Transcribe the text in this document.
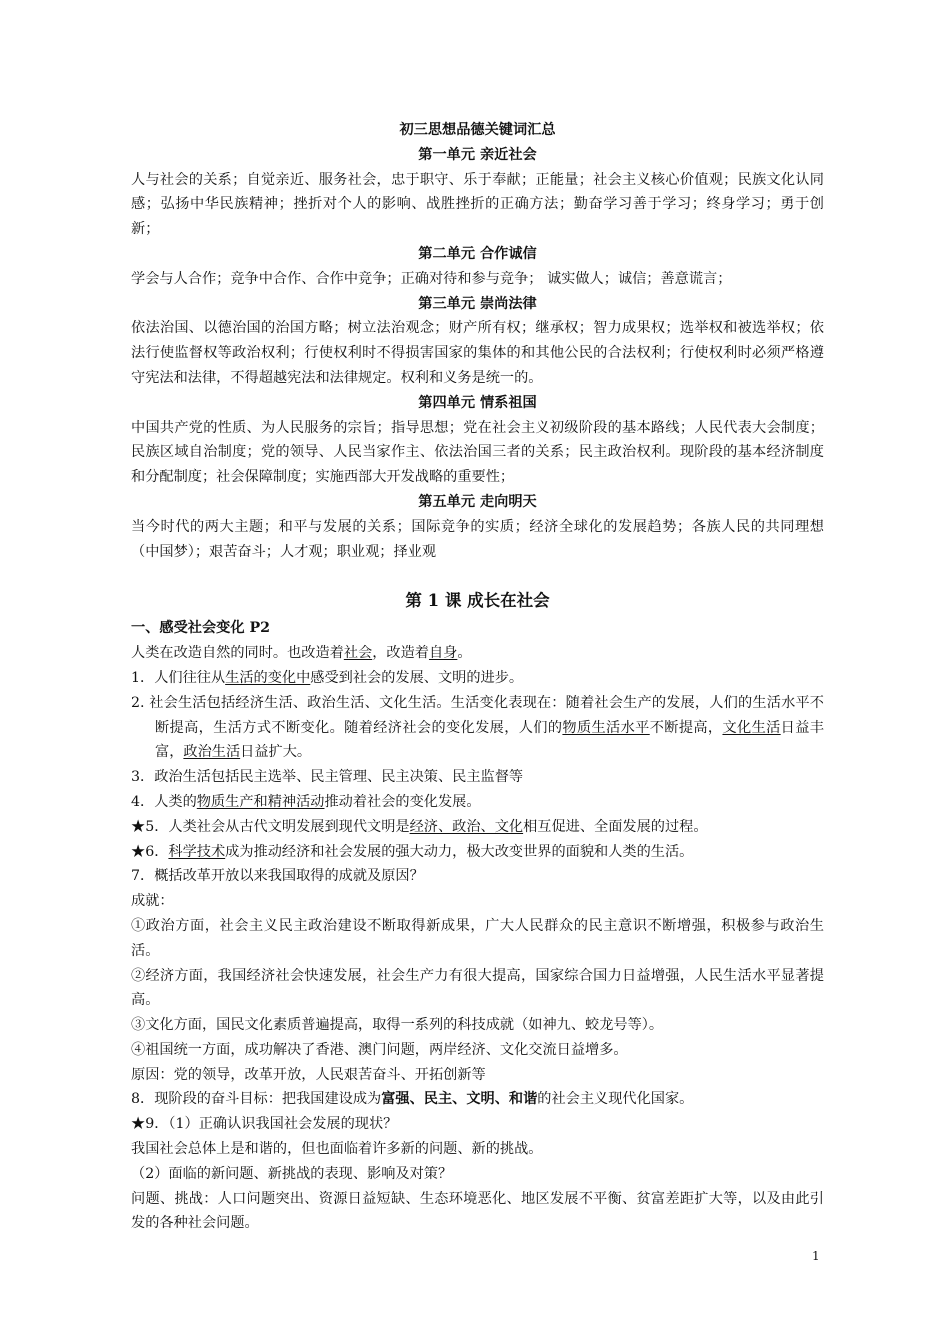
初三思想品德关键词汇总
第一单元 亲近社会
人与社会的关系；自觉亲近、服务社会，忠于职守、乐于奉献；正能量；社会主义核心价值观；民族文化认同感；弘扬中华民族精神；挫折对个人的影响、战胜挫折的正确方法；勤奋学习善于学习；终身学习；勇于创新；
第二单元 合作诚信
学会与人合作；竞争中合作、合作中竞争；正确对待和参与竞争； 诚实做人；诚信；善意谎言；
第三单元 崇尚法律
依法治国、以德治国的治国方略；树立法治观念；财产所有权；继承权；智力成果权；选举权和被选举权；依法行使监督权等政治权利；行使权利时不得损害国家的集体的和其他公民的合法权利；行使权利时必须严格遵守宪法和法律，不得超越宪法和法律规定。权利和义务是统一的。
第四单元 情系祖国
中国共产党的性质、为人民服务的宗旨；指导思想；党在社会主义初级阶段的基本路线；人民代表大会制度；民族区域自治制度；党的领导、人民当家作主、依法治国三者的关系；民主政治权利。现阶段的基本经济制度和分配制度；社会保障制度；实施西部大开发战略的重要性；
第五单元 走向明天
当今时代的两大主题；和平与发展的关系；国际竞争的实质；经济全球化的发展趋势；各族人民的共同理想（中国梦）；艰苦奋斗；人才观；职业观；择业观
第 1 课 成长在社会
一、感受社会变化 P2
人类在改造自然的同时。也改造着社会，改造着自身。
1．人们往往从生活的变化中感受到社会的发展、文明的进步。
2. 社会生活包括经济生活、政治生活、文化生活。生活变化表现在：随着社会生产的发展，人们的生活水平不断提高，生活方式不断变化。随着经济社会的变化发展，人们的物质生活水平不断提高，文化生活日益丰富，政治生活日益扩大。
3．政治生活包括民主选举、民主管理、民主决策、民主监督等
4．人类的物质生产和精神活动推动着社会的变化发展。
★5．人类社会从古代文明发展到现代文明是经济、政治、文化相互促进、全面发展的过程。
★6．科学技术成为推动经济和社会发展的强大动力，极大改变世界的面貌和人类的生活。
7．概括改革开放以来我国取得的成就及原因？
成就：
①政治方面，社会主义民主政治建设不断取得新成果，广大人民群众的民主意识不断增强，积极参与政治生活。
②经济方面，我国经济社会快速发展，社会生产力有很大提高，国家综合国力日益增强，人民生活水平显著提高。
③文化方面，国民文化素质普遍提高，取得一系列的科技成就（如神九、蛟龙号等）。
④祖国统一方面，成功解决了香港、澳门问题，两岸经济、文化交流日益增多。
原因：党的领导，改革开放，人民艰苦奋斗、开拓创新等
8．现阶段的奋斗目标：把我国建设成为富强、民主、文明、和谐的社会主义现代化国家。
★9．（1）正确认识我国社会发展的现状？
我国社会总体上是和谐的，但也面临着许多新的问题、新的挑战。
（2）面临的新问题、新挑战的表现、影响及对策？
问题、挑战：人口问题突出、资源日益短缺、生态环境恶化、地区发展不平衡、贫富差距扩大等，以及由此引发的各种社会问题。
1
